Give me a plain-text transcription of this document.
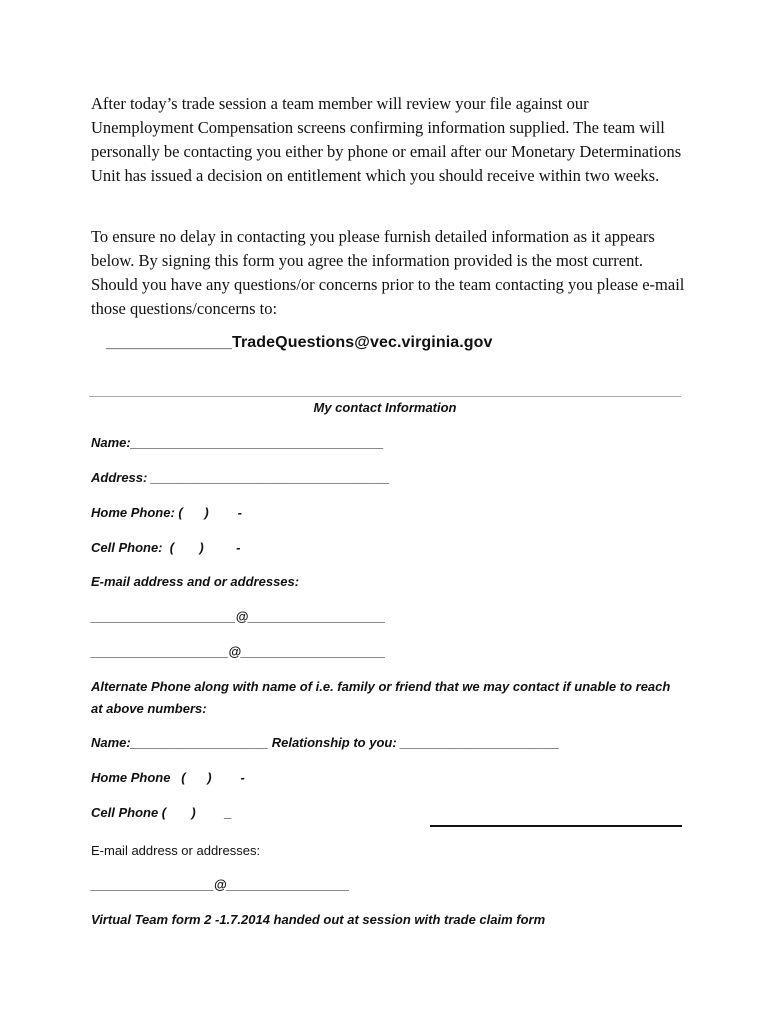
After today’s trade session a team member will review your file against our Unemployment Compensation screens confirming information supplied. The team will personally be contacting you either by phone or email after our Monetary Determinations Unit has issued a decision on entitlement which you should receive within two weeks.

To ensure no delay in contacting you please furnish detailed information as it appears below. By signing this form you agree the information provided is the most current. Should you have any questions/or concerns prior to the team contacting you please e-mail those questions/concerns to:

______________TradeQuestions@vec.virginia.gov
My contact Information
Name:___________________________________
Address: _________________________________
Home Phone: (      )        -
Cell Phone:  (       )         -
E-mail address and or addresses:
____________________@___________________
___________________@____________________
Alternate Phone along with name of i.e. family or friend that we may contact if unable to reach at above numbers:
Name:___________________ Relationship to you: ______________________
Home Phone   (      )        -
Cell Phone (       )        _
E-mail address or addresses:
_________________@_________________
Virtual Team form 2 -1.7.2014 handed out at session with trade claim form
